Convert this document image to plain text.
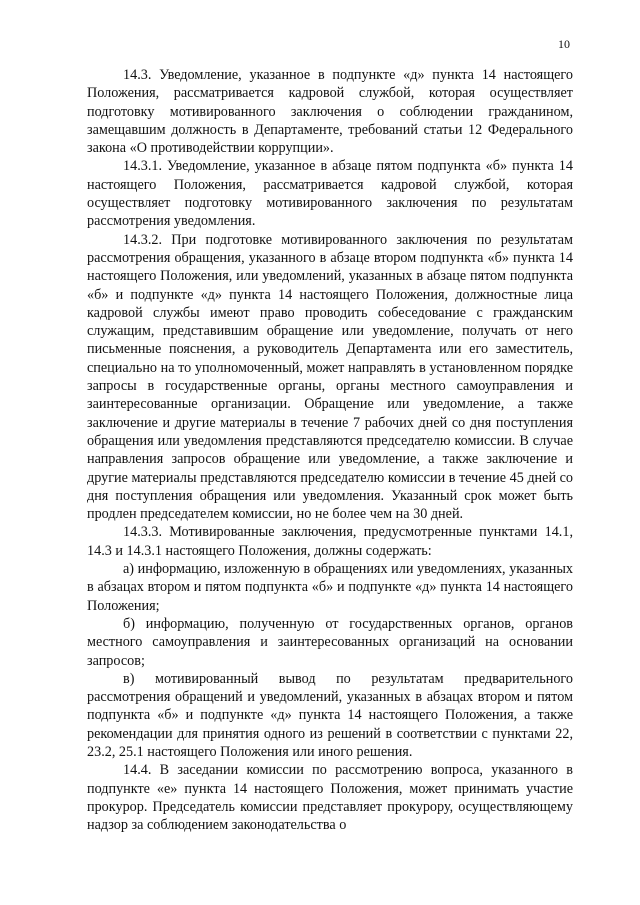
10

14.3. Уведомление, указанное в подпункте «д» пункта 14 настоящего Положения, рассматривается кадровой службой, которая осуществляет подготовку мотивированного заключения о соблюдении гражданином, замещавшим должность в Департаменте, требований статьи 12 Федерального закона «О противодействии коррупции».

14.3.1. Уведомление, указанное в абзаце пятом подпункта «б» пункта 14 настоящего Положения, рассматривается кадровой службой, которая осуществляет подготовку мотивированного заключения по результатам рассмотрения уведомления.

14.3.2. При подготовке мотивированного заключения по результатам рассмотрения обращения, указанного в абзаце втором подпункта «б» пункта 14 настоящего Положения, или уведомлений, указанных в абзаце пятом подпункта «б» и подпункте «д» пункта 14 настоящего Положения, должностные лица кадровой службы имеют право проводить собеседование с гражданским служащим, представившим обращение или уведомление, получать от него письменные пояснения, а руководитель Департамента или его заместитель, специально на то уполномоченный, может направлять в установленном порядке запросы в государственные органы, органы местного самоуправления и заинтересованные организации. Обращение или уведомление, а также заключение и другие материалы в течение 7 рабочих дней со дня поступления обращения или уведомления представляются председателю комиссии. В случае направления запросов обращение или уведомление, а также заключение и другие материалы представляются председателю комиссии в течение 45 дней со дня поступления обращения или уведомления. Указанный срок может быть продлен председателем комиссии, но не более чем на 30 дней.

14.3.3. Мотивированные заключения, предусмотренные пунктами 14.1, 14.3 и 14.3.1 настоящего Положения, должны содержать:

а) информацию, изложенную в обращениях или уведомлениях, указанных в абзацах втором и пятом подпункта «б» и подпункте «д» пункта 14 настоящего Положения;

б) информацию, полученную от государственных органов, органов местного самоуправления и заинтересованных организаций на основании запросов;

в) мотивированный вывод по результатам предварительного рассмотрения обращений и уведомлений, указанных в абзацах втором и пятом подпункта «б» и подпункте «д» пункта 14 настоящего Положения, а также рекомендации для принятия одного из решений в соответствии с пунктами 22, 23.2, 25.1 настоящего Положения или иного решения.

14.4. В заседании комиссии по рассмотрению вопроса, указанного в подпункте «е» пункта 14 настоящего Положения, может принимать участие прокурор. Председатель комиссии представляет прокурору, осуществляющему надзор за соблюдением законодательства о
